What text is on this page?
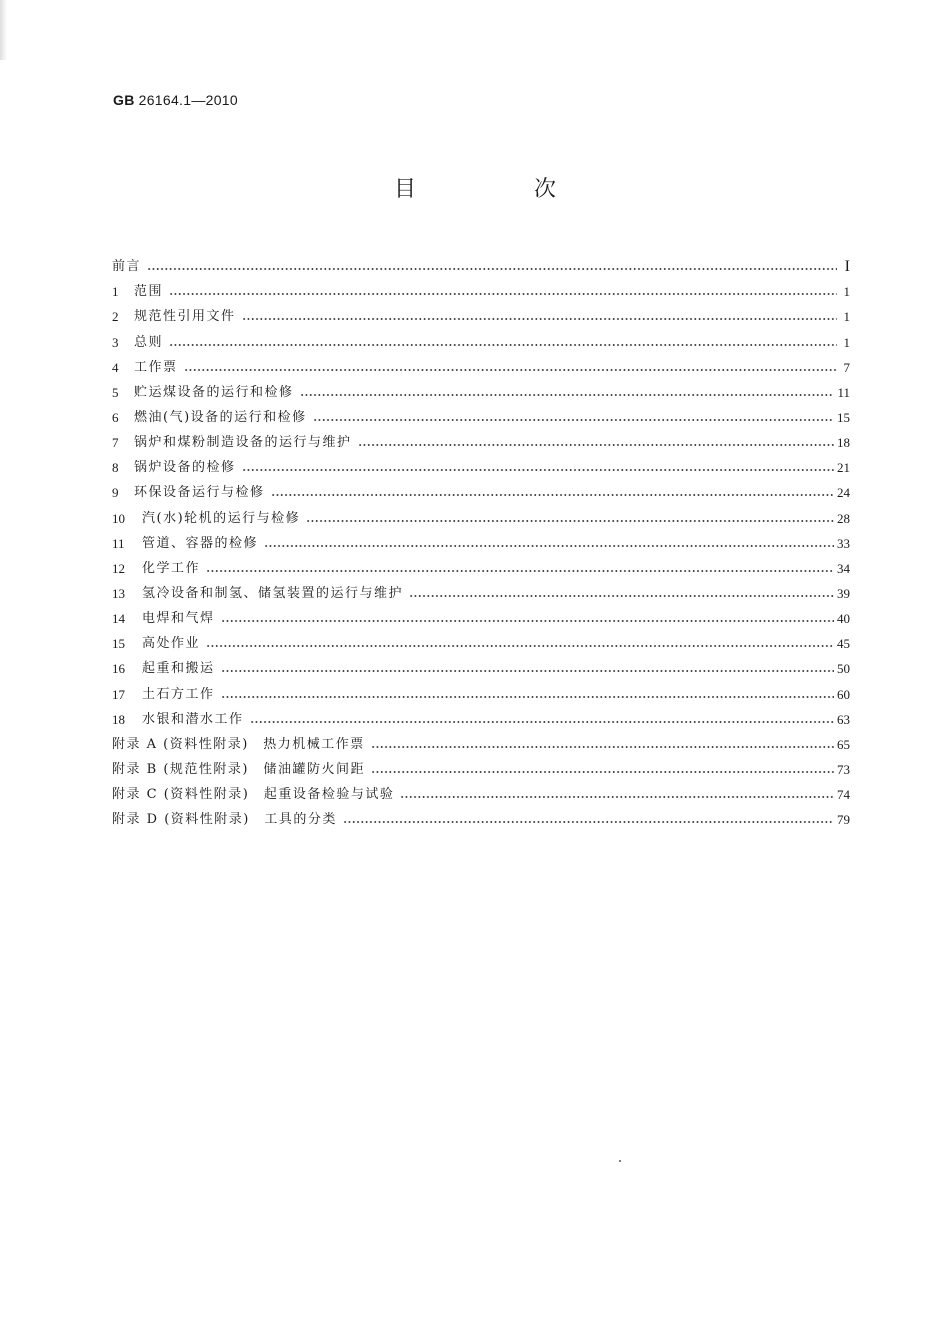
GB 26164.1—2010
目　次
前言	I
1	范围	1
2	规范性引用文件	1
3	总则	1
4	工作票	7
5	贮运煤设备的运行和检修	11
6	燃油(气)设备的运行和检修	15
7	锅炉和煤粉制造设备的运行与维护	18
8	锅炉设备的检修	21
9	环保设备运行与检修	24
10	汽(水)轮机的运行与检修	28
11	管道、容器的检修	33
12	化学工作	34
13	氢冷设备和制氢、储氢装置的运行与维护	39
14	电焊和气焊	40
15	高处作业	45
16	起重和搬运	50
17	土石方工作	60
18	水银和潜水工作	63
附录 A (资料性附录)　热力机械工作票	65
附录 B (规范性附录)　储油罐防火间距	73
附录 C (资料性附录)　起重设备检验与试验	74
附录 D (资料性附录)　工具的分类	79
